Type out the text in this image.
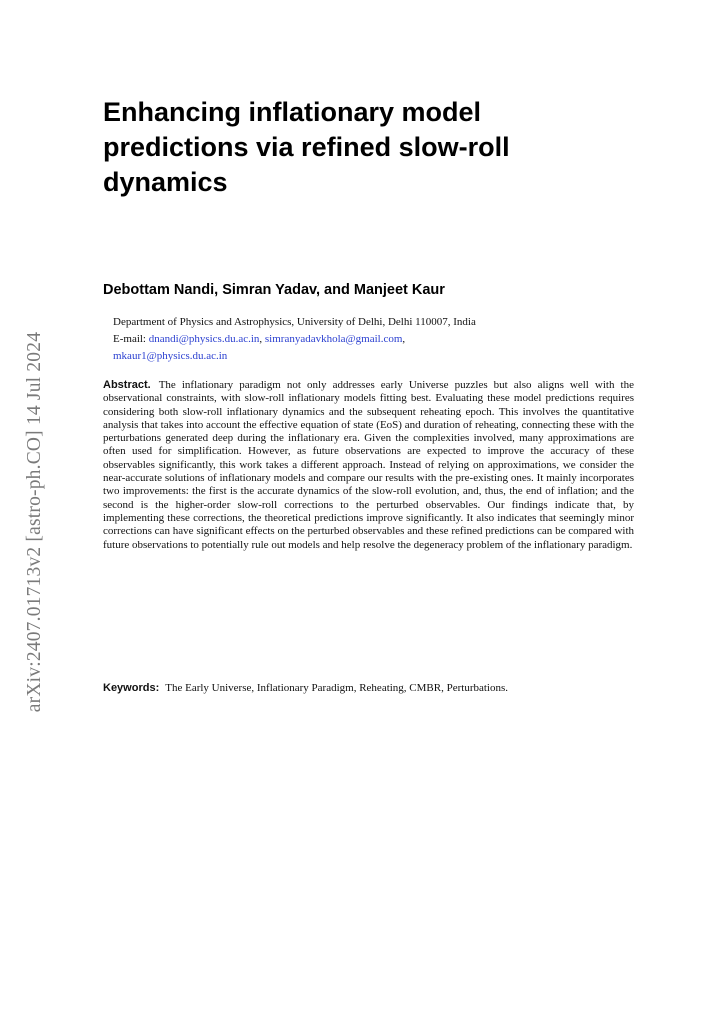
arXiv:2407.01713v2 [astro-ph.CO] 14 Jul 2024
Enhancing inflationary model predictions via refined slow-roll dynamics
Debottam Nandi, Simran Yadav, and Manjeet Kaur
Department of Physics and Astrophysics, University of Delhi, Delhi 110007, India
E-mail: dnandi@physics.du.ac.in, simranyadavkhola@gmail.com,
mkaur1@physics.du.ac.in

Abstract. The inflationary paradigm not only addresses early Universe puzzles but also aligns well with the observational constraints, with slow-roll inflationary models fitting best. Evaluating these model predictions requires considering both slow-roll inflationary dynamics and the subsequent reheating epoch. This involves the quantitative analysis that takes into account the effective equation of state (EoS) and duration of reheating, connecting these with the perturbations generated deep during the inflationary era. Given the complexities involved, many approximations are often used for simplification. However, as future observations are expected to improve the accuracy of these observables significantly, this work takes a different approach. Instead of relying on approximations, we consider the near-accurate solutions of inflationary models and compare our results with the pre-existing ones. It mainly incorporates two improvements: the first is the accurate dynamics of the slow-roll evolution, and, thus, the end of inflation; and the second is the higher-order slow-roll corrections to the perturbed observables. Our findings indicate that, by implementing these corrections, the theoretical predictions improve significantly. It also indicates that seemingly minor corrections can have significant effects on the perturbed observables and these refined predictions can be compared with future observations to potentially rule out models and help resolve the degeneracy problem of the inflationary paradigm.

Keywords: The Early Universe, Inflationary Paradigm, Reheating, CMBR, Perturbations.
